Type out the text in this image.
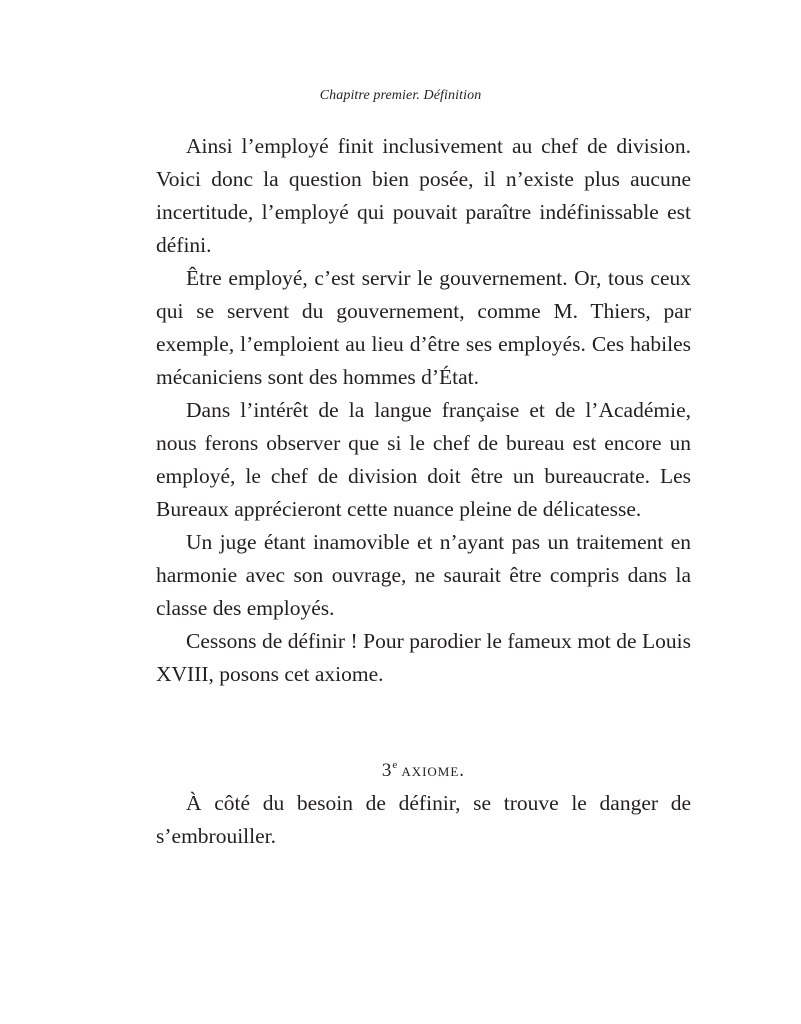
Chapitre premier. Définition

Ainsi l’employé finit inclusivement au chef de division. Voici donc la question bien posée, il n’existe plus aucune incertitude, l’employé qui pouvait paraître indéfinissable est défini.

Être employé, c’est servir le gouvernement. Or, tous ceux qui se servent du gouvernement, comme M. Thiers, par exemple, l’emploient au lieu d’être ses employés. Ces habiles mécaniciens sont des hommes d’État.

Dans l’intérêt de la langue française et de l’Académie, nous ferons observer que si le chef de bureau est encore un employé, le chef de division doit être un bureaucrate. Les Bureaux apprécieront cette nuance pleine de délicatesse.

Un juge étant inamovible et n’ayant pas un traitement en harmonie avec son ouvrage, ne saurait être compris dans la classe des employés.

Cessons de définir ! Pour parodier le fameux mot de Louis XVIII, posons cet axiome.

3e axiome.

À côté du besoin de définir, se trouve le danger de s’embrouiller.
